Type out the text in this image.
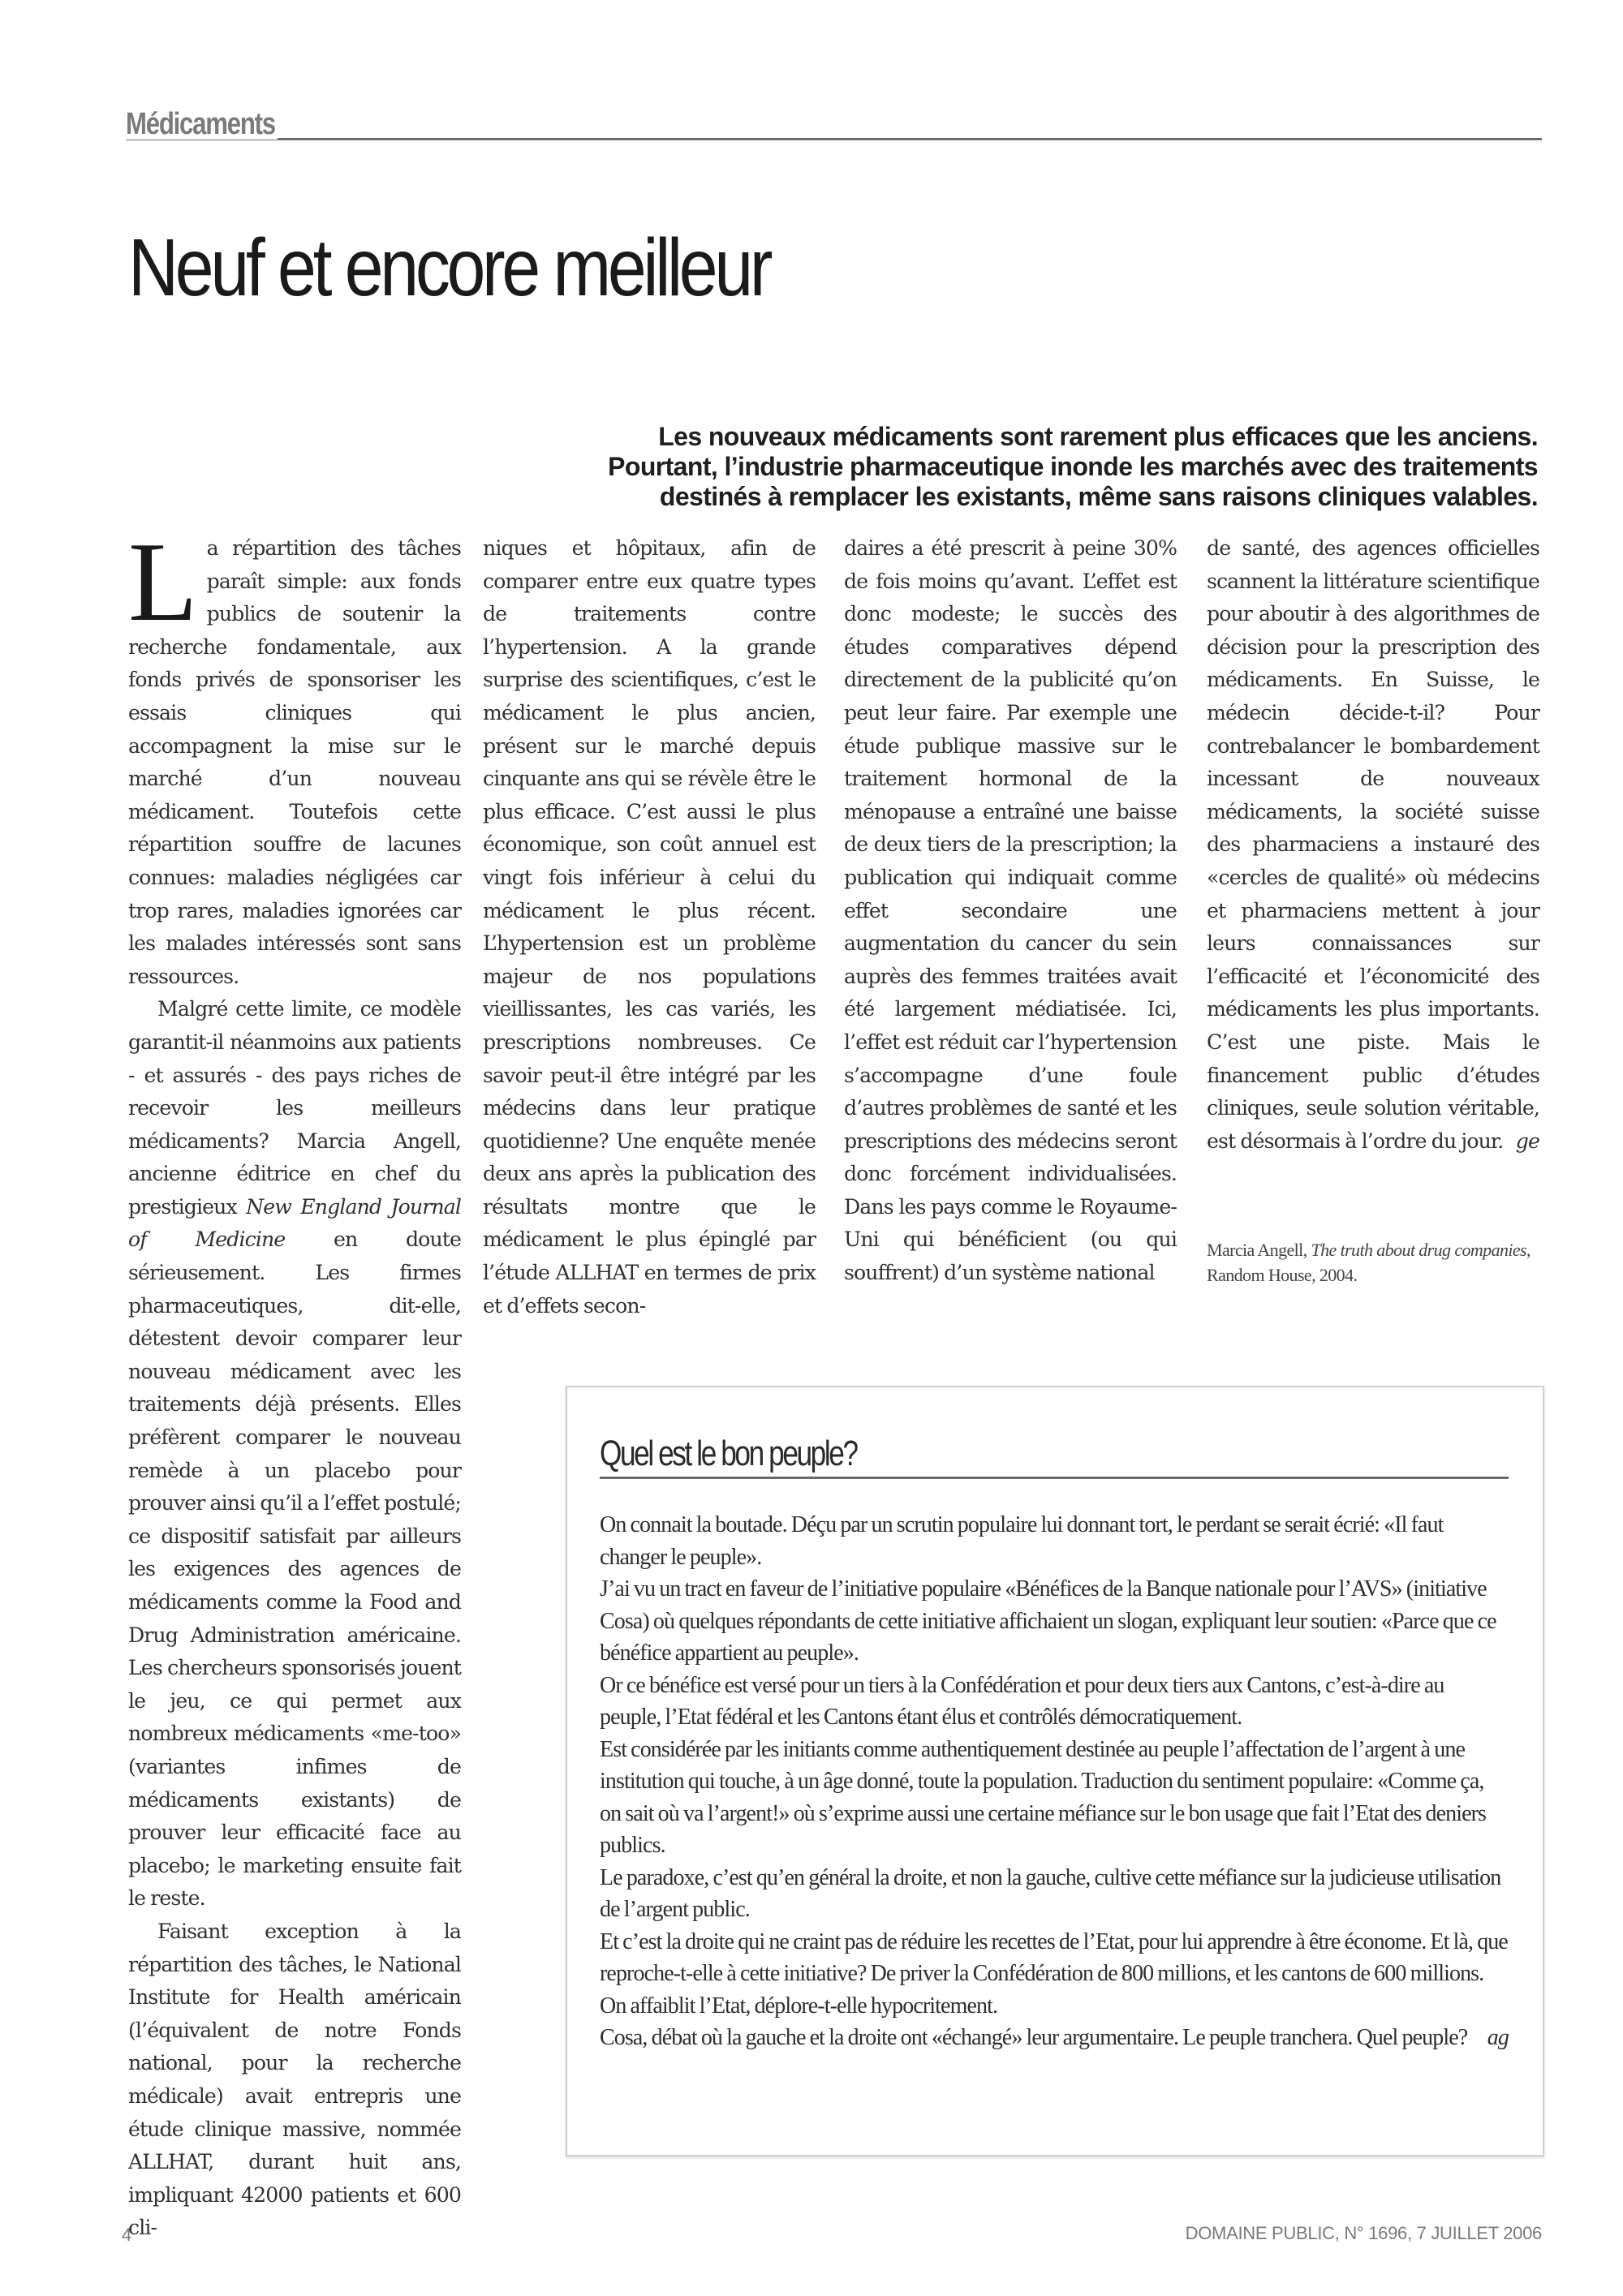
Médicaments
Neuf et encore meilleur
Les nouveaux médicaments sont rarement plus efficaces que les anciens.
Pourtant, l’industrie pharmaceutique inonde les marchés avec des traitements
destinés à remplacer les existants, même sans raisons cliniques valables.

La répartition des tâches paraît simple: aux fonds publics de soutenir la recherche fondamentale, aux fonds privés de sponsoriser les essais cliniques qui accompagnent la mise sur le marché d’un nouveau médicament. Toutefois cette répartition souffre de lacunes connues: maladies négligées car trop rares, maladies ignorées car les malades intéressés sont sans ressources.

Malgré cette limite, ce modèle garantit-il néanmoins aux patients - et assurés - des pays riches de recevoir les meilleurs médicaments? Marcia Angell, ancienne éditrice en chef du prestigieux New England Journal of Medicine en doute sérieusement. Les firmes pharmaceutiques, dit-elle, détestent devoir comparer leur nouveau médicament avec les traitements déjà présents. Elles préfèrent comparer le nouveau remède à un placebo pour prouver ainsi qu’il a l’effet postulé; ce dispositif satisfait par ailleurs les exigences des agences de médicaments comme la Food and Drug Administration américaine. Les chercheurs sponsorisés jouent le jeu, ce qui permet aux nombreux médicaments «me-too» (variantes infimes de médicaments existants) de prouver leur efficacité face au placebo; le marketing ensuite fait le reste.

Faisant exception à la répartition des tâches, le National Institute for Health américain (l’équivalent de notre Fonds national, pour la recherche médicale) avait entrepris une étude clinique massive, nommée ALLHAT, durant huit ans, impliquant 42000 patients et 600 cli-

niques et hôpitaux, afin de comparer entre eux quatre types de traitements contre l’hypertension. A la grande surprise des scientifiques, c’est le médicament le plus ancien, présent sur le marché depuis cinquante ans qui se révèle être le plus efficace. C’est aussi le plus économique, son coût annuel est vingt fois inférieur à celui du médicament le plus récent. L’hypertension est un problème majeur de nos populations vieillissantes, les cas variés, les prescriptions nombreuses. Ce savoir peut-il être intégré par les médecins dans leur pratique quotidienne? Une enquête menée deux ans après la publication des résultats montre que le médicament le plus épinglé par l’étude ALLHAT en termes de prix et d’effets secon-

daires a été prescrit à peine 30% de fois moins qu’avant. L’effet est donc modeste; le succès des études comparatives dépend directement de la publicité qu’on peut leur faire. Par exemple une étude publique massive sur le traitement hormonal de la ménopause a entraîné une baisse de deux tiers de la prescription; la publication qui indiquait comme effet secondaire une augmentation du cancer du sein auprès des femmes traitées avait été largement médiatisée. Ici, l’effet est réduit car l’hypertension s’accompagne d’une foule d’autres problèmes de santé et les prescriptions des médecins seront donc forcément individualisées. Dans les pays comme le Royaume-Uni qui bénéficient (ou qui souffrent) d’un système national

de santé, des agences officielles scannent la littérature scientifique pour aboutir à des algorithmes de décision pour la prescription des médicaments. En Suisse, le médecin décide-t-il? Pour contrebalancer le bombardement incessant de nouveaux médicaments, la société suisse des pharmaciens a instauré des «cercles de qualité» où médecins et pharmaciens mettent à jour leurs connaissances sur l’efficacité et l’économicité des médicaments les plus importants. C’est une piste. Mais le financement public d’études cliniques, seule solution véritable, est désormais à l’ordre du jour. ge

Marcia Angell, The truth about drug companies, Random House, 2004.
Quel est le bon peuple?

On connait la boutade. Déçu par un scrutin populaire lui donnant tort, le perdant se serait écrié: «Il faut changer le peuple».

J’ai vu un tract en faveur de l’initiative populaire «Bénéfices de la Banque nationale pour l’AVS» (initiative Cosa) où quelques répondants de cette initiative affichaient un slogan, expliquant leur soutien: «Parce que ce bénéfice appartient au peuple».

Or ce bénéfice est versé pour un tiers à la Confédération et pour deux tiers aux Cantons, c’est-à-dire au peuple, l’Etat fédéral et les Cantons étant élus et contrôlés démocratiquement.

Est considérée par les initiants comme authentiquement destinée au peuple l’affectation de l’argent à une institution qui touche, à un âge donné, toute la population. Traduction du sentiment populaire: «Comme ça, on sait où va l’argent!» où s’exprime aussi une certaine méfiance sur le bon usage que fait l’Etat des deniers publics.

Le paradoxe, c’est qu’en général la droite, et non la gauche, cultive cette méfiance sur la judicieuse utilisation de l’argent public.

Et c’est la droite qui ne craint pas de réduire les recettes de l’Etat, pour lui apprendre à être économe. Et là, que reproche-t-elle à cette initiative? De priver la Confédération de 800 millions, et les cantons de 600 millions. On affaiblit l’Etat, déplore-t-elle hypocritement.

Cosa, débat où la gauche et la droite ont «échangé» leur argumentaire. Le peuple tranchera. Quel peuple? ag

4	DOMAINE PUBLIC, N° 1696, 7 JUILLET 2006
